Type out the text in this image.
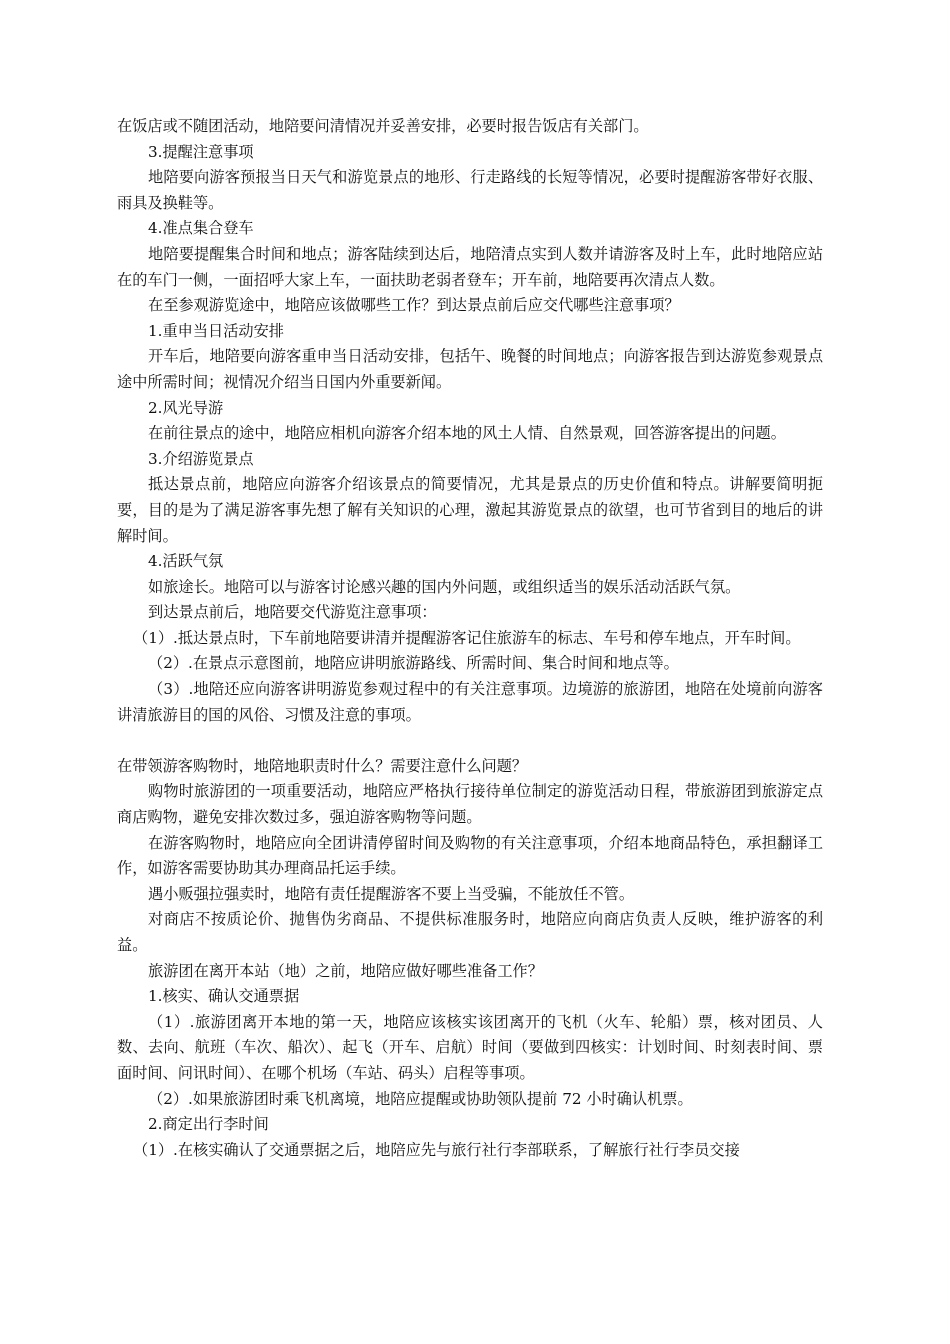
在饭店或不随团活动，地陪要问清情况并妥善安排，必要时报告饭店有关部门。

3.提醒注意事项

地陪要向游客预报当日天气和游览景点的地形、行走路线的长短等情况，必要时提醒游客带好衣服、雨具及换鞋等。

4.准点集合登车

地陪要提醒集合时间和地点；游客陆续到达后，地陪清点实到人数并请游客及时上车，此时地陪应站在的车门一侧，一面招呼大家上车，一面扶助老弱者登车；开车前，地陪要再次清点人数。

在至参观游览途中，地陪应该做哪些工作？到达景点前后应交代哪些注意事项？

1.重申当日活动安排

开车后，地陪要向游客重申当日活动安排，包括午、晚餐的时间地点；向游客报告到达游览参观景点途中所需时间；视情况介绍当日国内外重要新闻。

2.风光导游

在前往景点的途中，地陪应相机向游客介绍本地的风土人情、自然景观，回答游客提出的问题。

3.介绍游览景点

抵达景点前，地陪应向游客介绍该景点的简要情况，尤其是景点的历史价值和特点。讲解要简明扼要，目的是为了满足游客事先想了解有关知识的心理，激起其游览景点的欲望，也可节省到目的地后的讲解时间。

4.活跃气氛

如旅途长。地陪可以与游客讨论感兴趣的国内外问题，或组织适当的娱乐活动活跃气氛。

到达景点前后，地陪要交代游览注意事项：

（1）.抵达景点时，下车前地陪要讲清并提醒游客记住旅游车的标志、车号和停车地点，开车时间。

（2）.在景点示意图前，地陪应讲明旅游路线、所需时间、集合时间和地点等。

（3）.地陪还应向游客讲明游览参观过程中的有关注意事项。边境游的旅游团，地陪在处境前向游客讲清旅游目的国的风俗、习惯及注意的事项。

在带领游客购物时，地陪地职责时什么？需要注意什么问题？

购物时旅游团的一项重要活动，地陪应严格执行接待单位制定的游览活动日程，带旅游团到旅游定点商店购物，避免安排次数过多，强迫游客购物等问题。

在游客购物时，地陪应向全团讲清停留时间及购物的有关注意事项，介绍本地商品特色，承担翻译工作，如游客需要协助其办理商品托运手续。

遇小贩强拉强卖时，地陪有责任提醒游客不要上当受骗，不能放任不管。

对商店不按质论价、抛售伪劣商品、不提供标准服务时，地陪应向商店负责人反映，维护游客的利益。

旅游团在离开本站（地）之前，地陪应做好哪些准备工作？

1.核实、确认交通票据

（1）.旅游团离开本地的第一天，地陪应该核实该团离开的飞机（火车、轮船）票，核对团员、人数、去向、航班（车次、船次）、起飞（开车、启航）时间（要做到四核实：计划时间、时刻表时间、票面时间、问讯时间）、在哪个机场（车站、码头）启程等事项。

（2）.如果旅游团时乘飞机离境，地陪应提醒或协助领队提前 72 小时确认机票。

2.商定出行李时间

（1）.在核实确认了交通票据之后，地陪应先与旅行社行李部联系，了解旅行社行李员交接
